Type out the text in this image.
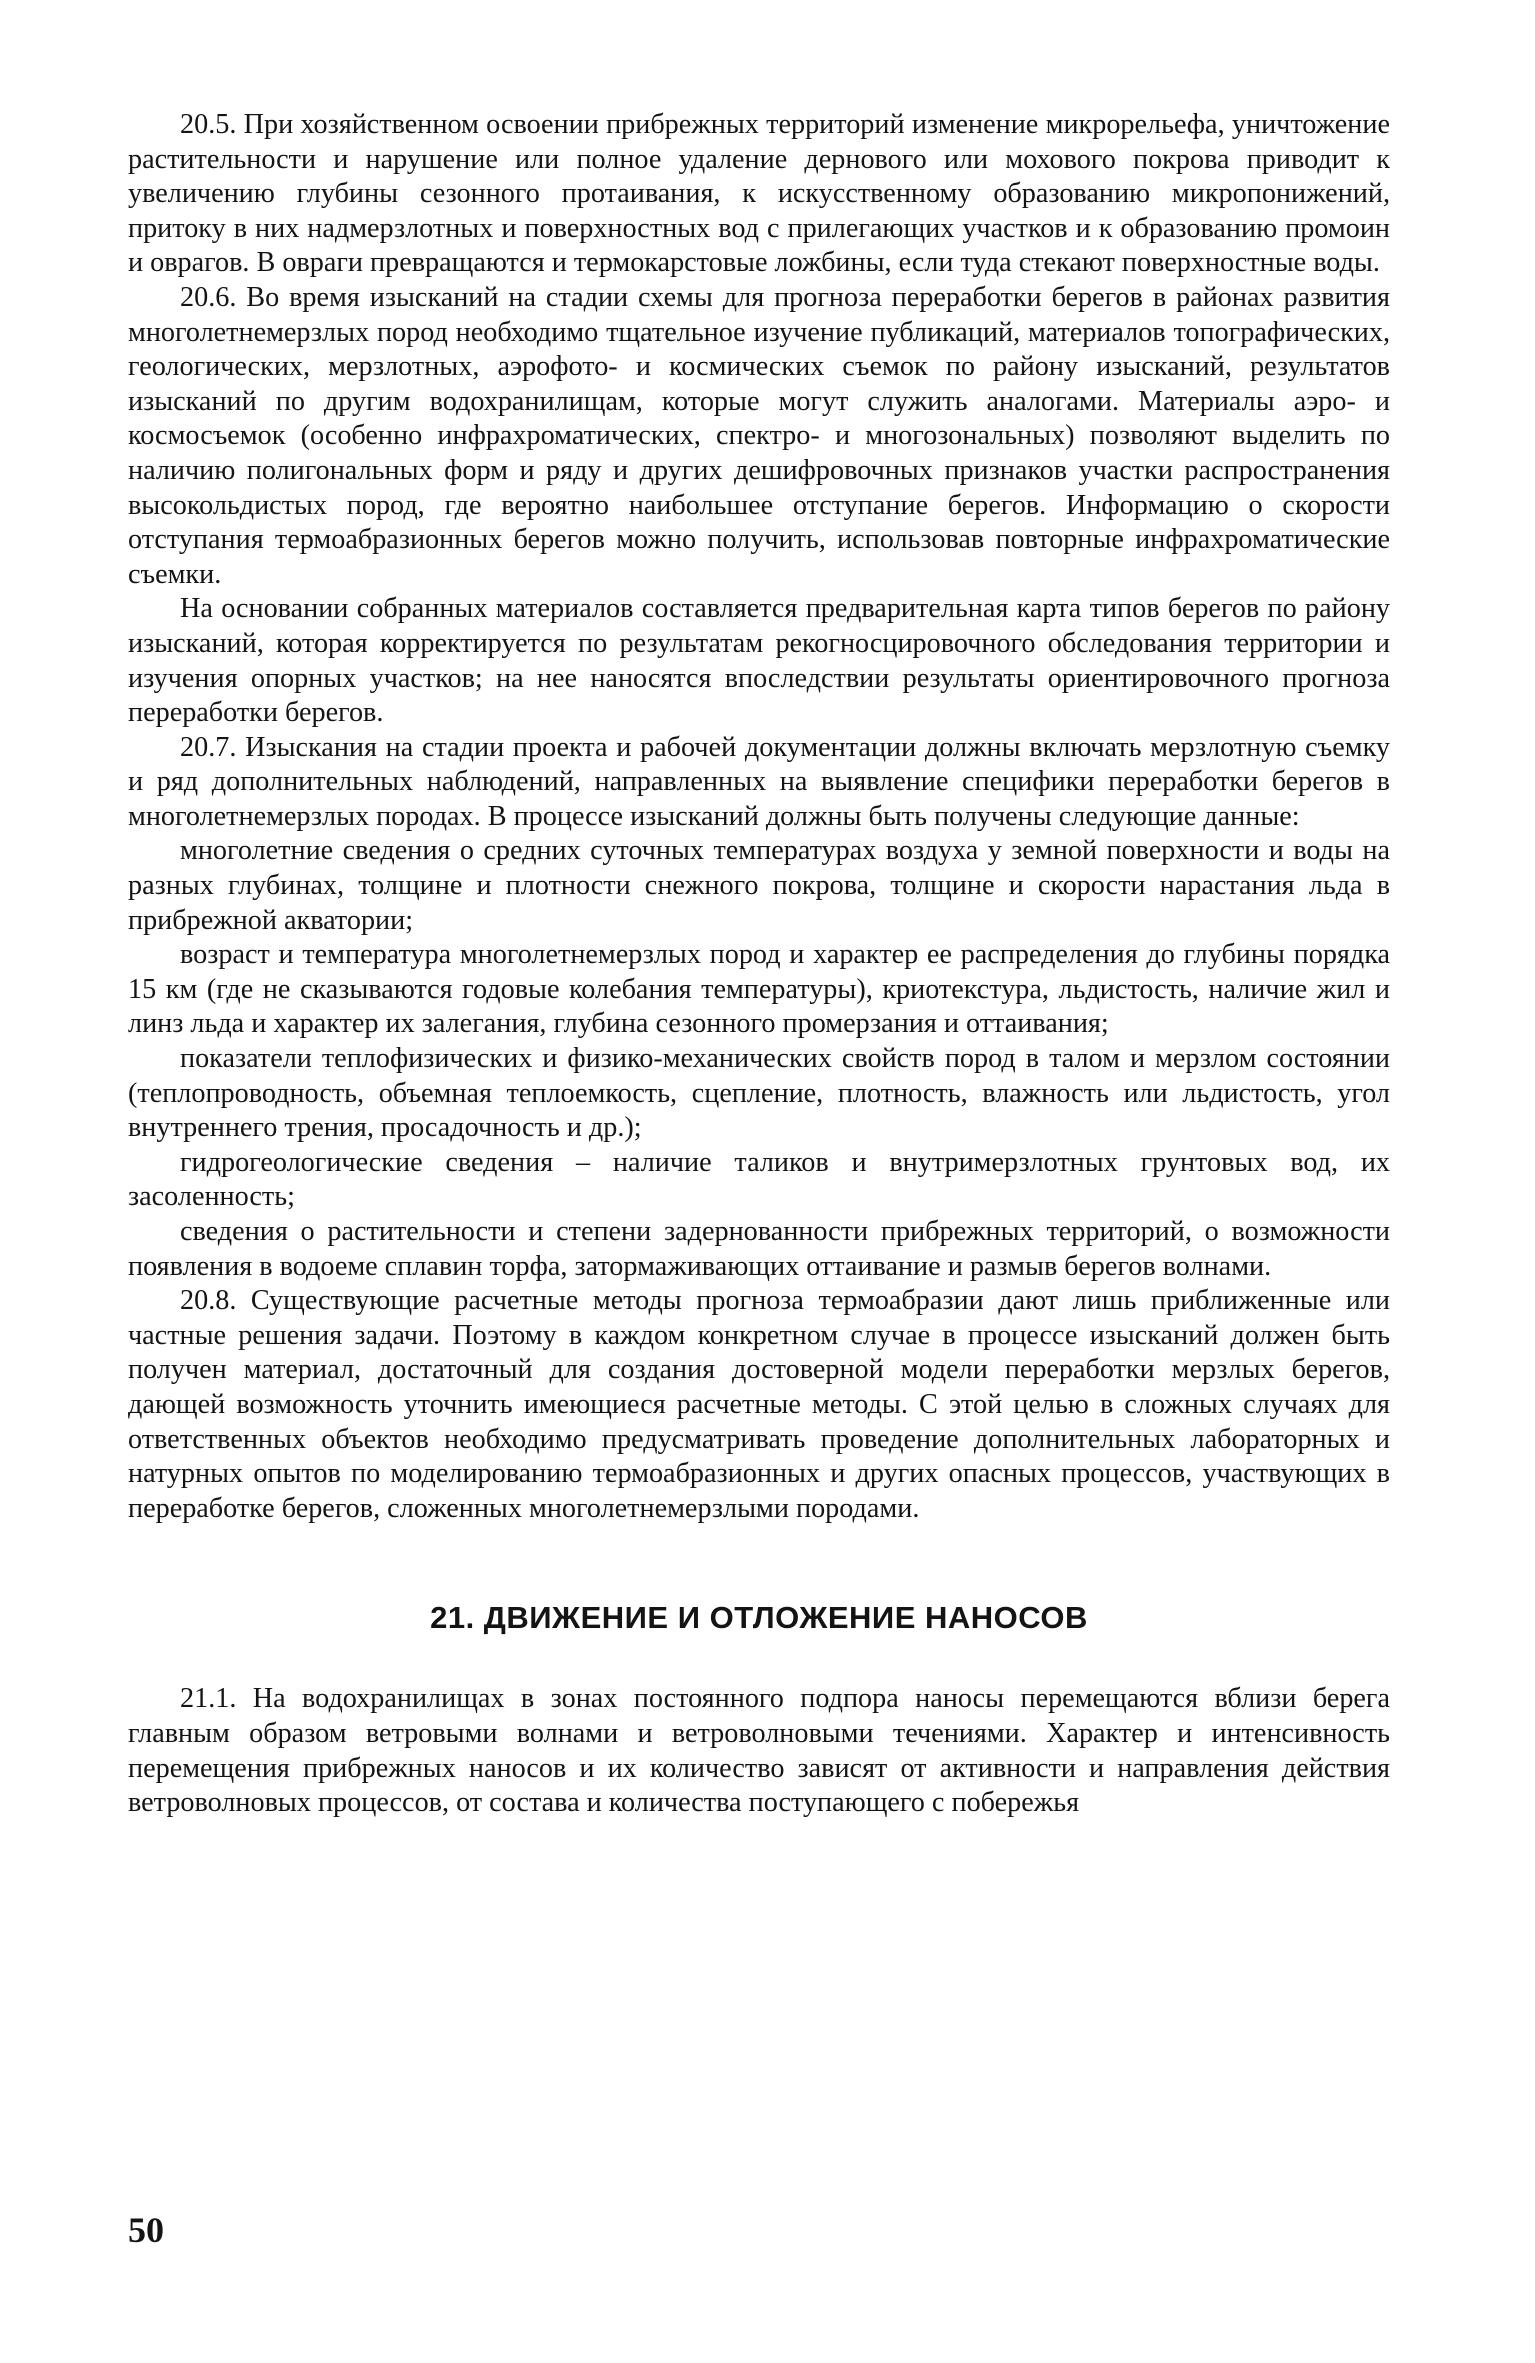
20.5. При хозяйственном освоении прибрежных территорий изменение микрорельефа, уничтожение растительности и нарушение или полное удаление дернового или мохового покрова приводит к увеличению глубины сезонного протаивания, к искусственному образованию микропонижений, притоку в них надмерзлотных и поверхностных вод с прилегающих участков и к образованию промоин и оврагов. В овраги превращаются и термокарстовые ложбины, если туда стекают поверхностные воды.

20.6. Во время изысканий на стадии схемы для прогноза переработки берегов в районах развития многолетнемерзлых пород необходимо тщательное изучение публикаций, материалов топографических, геологических, мерзлотных, аэрофото- и космических съемок по району изысканий, результатов изысканий по другим водохранилищам, которые могут служить аналогами. Материалы аэро- и космосъемок (особенно инфрахроматических, спектро- и многозональных) позволяют выделить по наличию полигональных форм и ряду и других дешифровочных признаков участки распространения высокольдистых пород, где вероятно наибольшее отступание берегов. Информацию о скорости отступания термоабразионных берегов можно получить, использовав повторные инфрахроматические съемки.

На основании собранных материалов составляется предварительная карта типов берегов по району изысканий, которая корректируется по результатам рекогносцировочного обследования территории и изучения опорных участков; на нее наносятся впоследствии результаты ориентировочного прогноза переработки берегов.

20.7. Изыскания на стадии проекта и рабочей документации должны включать мерзлотную съемку и ряд дополнительных наблюдений, направленных на выявление специфики переработки берегов в многолетнемерзлых породах. В процессе изысканий должны быть получены следующие данные:

многолетние сведения о средних суточных температурах воздуха у земной поверхности и воды на разных глубинах, толщине и плотности снежного покрова, толщине и скорости нарастания льда в прибрежной акватории;

возраст и температура многолетнемерзлых пород и характер ее распределения до глубины порядка 15 км (где не сказываются годовые колебания температуры), криотекстура, льдистость, наличие жил и линз льда и характер их залегания, глубина сезонного промерзания и оттаивания;

показатели теплофизических и физико-механических свойств пород в талом и мерзлом состоянии (теплопроводность, объемная теплоемкость, сцепление, плотность, влажность или льдистость, угол внутреннего трения, просадочность и др.);

гидрогеологические сведения – наличие таликов и внутримерзлотных грунтовых вод, их засоленность;

сведения о растительности и степени задернованности прибрежных территорий, о возможности появления в водоеме сплавин торфа, затормаживающих оттаивание и размыв берегов волнами.

20.8. Существующие расчетные методы прогноза термоабразии дают лишь приближенные или частные решения задачи. Поэтому в каждом конкретном случае в процессе изысканий должен быть получен материал, достаточный для создания достоверной модели переработки мерзлых берегов, дающей возможность уточнить имеющиеся расчетные методы. С этой целью в сложных случаях для ответственных объектов необходимо предусматривать проведение дополнительных лабораторных и натурных опытов по моделированию термоабразионных и других опасных процессов, участвующих в переработке берегов, сложенных многолетнемерзлыми породами.

21. ДВИЖЕНИЕ И ОТЛОЖЕНИЕ НАНОСОВ

21.1. На водохранилищах в зонах постоянного подпора наносы перемещаются вблизи берега главным образом ветровыми волнами и ветроволновыми течениями. Характер и интенсивность перемещения прибрежных наносов и их количество зависят от активности и направления действия ветроволновых процессов, от состава и количества поступающего с побережья

50
